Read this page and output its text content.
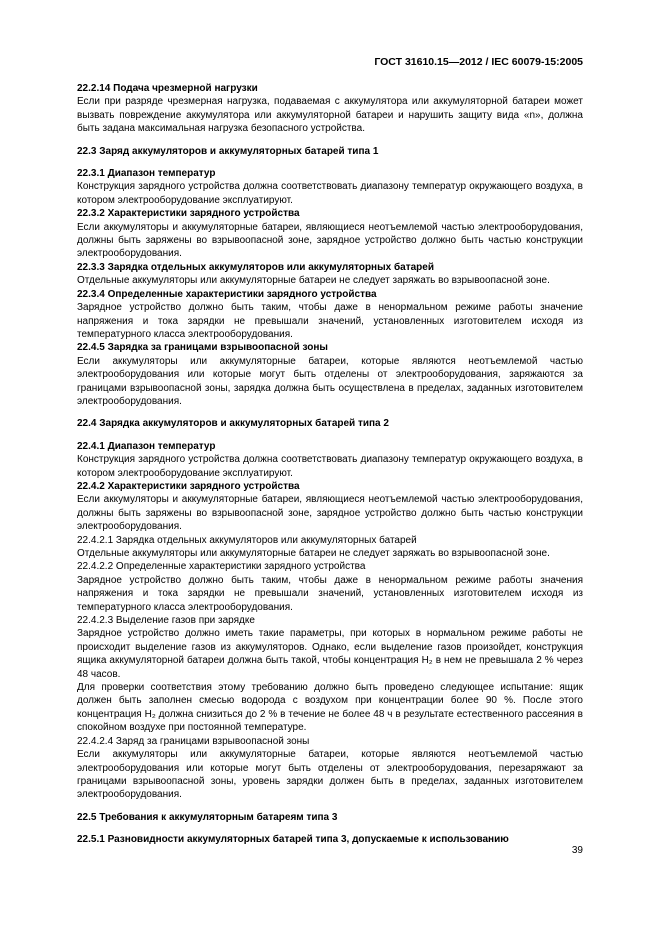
ГОСТ 31610.15—2012 / IEC 60079-15:2005

22.2.14 Подача чрезмерной нагрузки

Если при разряде чрезмерная нагрузка, подаваемая с аккумулятора или аккумуляторной батареи может вызвать повреждение аккумулятора или аккумуляторной батареи и нарушить защиту вида «n», должна быть задана максимальная нагрузка безопасного устройства.

22.3 Заряд аккумуляторов и аккумуляторных батарей типа 1

22.3.1 Диапазон температур

Конструкция зарядного устройства должна соответствовать диапазону температур окружающего воздуха, в котором электрооборудование эксплуатируют.

22.3.2 Характеристики зарядного устройства

Если аккумуляторы и аккумуляторные батареи, являющиеся неотъемлемой частью электрооборудования, должны быть заряжены во взрывоопасной зоне, зарядное устройство должно быть частью конструкции электрооборудования.

22.3.3 Зарядка отдельных аккумуляторов или аккумуляторных батарей

Отдельные аккумуляторы или аккумуляторные батареи не следует заряжать во взрывоопасной зоне.

22.3.4 Определенные характеристики зарядного устройства

Зарядное устройство должно быть таким, чтобы даже в ненормальном режиме работы значение напряжения и тока зарядки не превышали значений, установленных изготовителем исходя из температурного класса электрооборудования.

22.4.5 Зарядка за границами взрывоопасной зоны

Если аккумуляторы или аккумуляторные батареи, которые являются неотъемлемой частью электрооборудования или которые могут быть отделены от электрооборудования, заряжаются за границами взрывоопасной зоны, зарядка должна быть осуществлена в пределах, заданных изготовителем электрооборудования.

22.4 Зарядка аккумуляторов и аккумуляторных батарей типа 2

22.4.1 Диапазон температур

Конструкция зарядного устройства должна соответствовать диапазону температур окружающего воздуха, в котором электрооборудование эксплуатируют.

22.4.2 Характеристики зарядного устройства

Если аккумуляторы и аккумуляторные батареи, являющиеся неотъемлемой частью электрооборудования, должны быть заряжены во взрывоопасной зоне, зарядное устройство должно быть частью конструкции электрооборудования.

22.4.2.1 Зарядка отдельных аккумуляторов или аккумуляторных батарей

Отдельные аккумуляторы или аккумуляторные батареи не следует заряжать во взрывоопасной зоне.

22.4.2.2 Определенные характеристики зарядного устройства

Зарядное устройство должно быть таким, чтобы даже в ненормальном режиме работы значения напряжения и тока зарядки не превышали значений, установленных изготовителем исходя из температурного класса электрооборудования.

22.4.2.3 Выделение газов при зарядке

Зарядное устройство должно иметь такие параметры, при которых в нормальном режиме работы не происходит выделение газов из аккумуляторов. Однако, если выделение газов произойдет, конструкция ящика аккумуляторной батареи должна быть такой, чтобы концентрация H₂ в нем не превышала 2 % через 48 часов.

Для проверки соответствия этому требованию должно быть проведено следующее испытание: ящик должен быть заполнен смесью водорода с воздухом при концентрации более 90 %. После этого концентрация H₂ должна снизиться до 2 % в течение не более 48 ч в результате естественного рассеяния в спокойном воздухе при постоянной температуре.

22.4.2.4 Заряд за границами взрывоопасной зоны

Если аккумуляторы или аккумуляторные батареи, которые являются неотъемлемой частью электрооборудования или которые могут быть отделены от электрооборудования, перезаряжают за границами взрывоопасной зоны, уровень зарядки должен быть в пределах, заданных изготовителем электрооборудования.

22.5 Требования к аккумуляторным батареям типа 3

22.5.1 Разновидности аккумуляторных батарей типа 3, допускаемые к использованию

39
